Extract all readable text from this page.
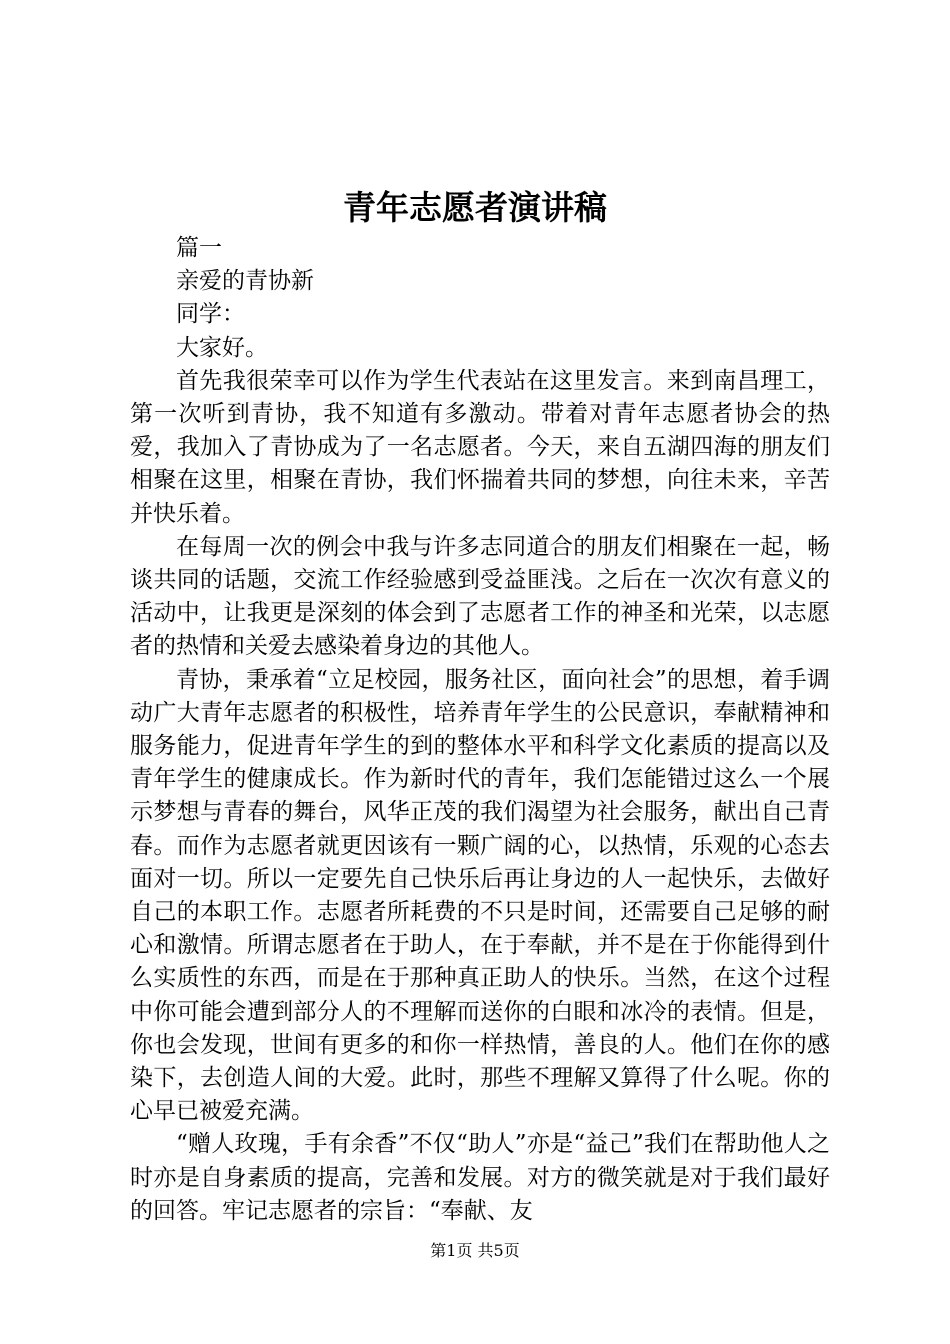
青年志愿者演讲稿

篇一

亲爱的青协新

同学：

大家好。

首先我很荣幸可以作为学生代表站在这里发言。来到南昌理工，第一次听到青协，我不知道有多激动。带着对青年志愿者协会的热爱，我加入了青协成为了一名志愿者。今天，来自五湖四海的朋友们相聚在这里，相聚在青协，我们怀揣着共同的梦想，向往未来，辛苦并快乐着。

在每周一次的例会中我与许多志同道合的朋友们相聚在一起，畅谈共同的话题，交流工作经验感到受益匪浅。之后在一次次有意义的活动中，让我更是深刻的体会到了志愿者工作的神圣和光荣，以志愿者的热情和关爱去感染着身边的其他人。

青协，秉承着“立足校园，服务社区，面向社会”的思想，着手调动广大青年志愿者的积极性，培养青年学生的公民意识，奉献精神和服务能力，促进青年学生的到的整体水平和科学文化素质的提高以及青年学生的健康成长。作为新时代的青年，我们怎能错过这么一个展示梦想与青春的舞台，风华正茂的我们渴望为社会服务，献出自己青春。而作为志愿者就更因该有一颗广阔的心，以热情，乐观的心态去面对一切。所以一定要先自己快乐后再让身边的人一起快乐，去做好自己的本职工作。志愿者所耗费的不只是时间，还需要自己足够的耐心和激情。所谓志愿者在于助人，在于奉献，并不是在于你能得到什么实质性的东西，而是在于那种真正助人的快乐。当然，在这个过程中你可能会遭到部分人的不理解而送你的白眼和冰冷的表情。但是，你也会发现，世间有更多的和你一样热情，善良的人。他们在你的感染下，去创造人间的大爱。此时，那些不理解又算得了什么呢。你的心早已被爱充满。

“赠人玫瑰，手有余香”不仅“助人”亦是“益己”我们在帮助他人之时亦是自身素质的提高，完善和发展。对方的微笑就是对于我们最好的回答。牢记志愿者的宗旨：“奉献、友

第1页 共5页
